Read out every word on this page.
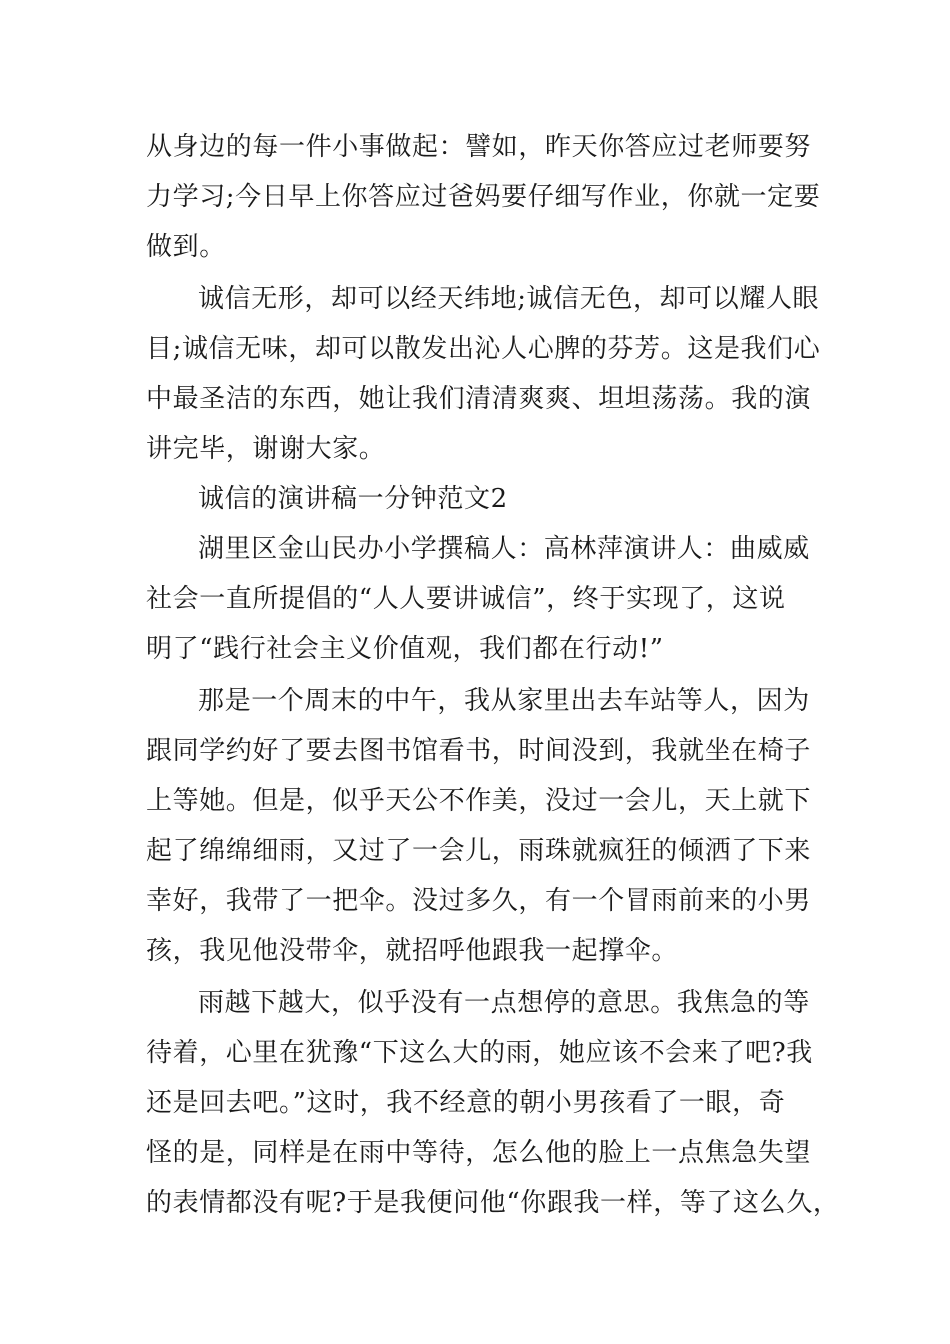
从身边的每一件小事做起：譬如，昨天你答应过老师要努
力学习;今日早上你答应过爸妈要仔细写作业，你就一定要
做到。
诚信无形，却可以经天纬地;诚信无色，却可以耀人眼
目;诚信无味，却可以散发出沁人心脾的芬芳。这是我们心
中最圣洁的东西，她让我们清清爽爽、坦坦荡荡。我的演
讲完毕，谢谢大家。
诚信的演讲稿一分钟范文2
湖里区金山民办小学撰稿人：高林萍演讲人：曲威威
社会一直所提倡的“人人要讲诚信”，终于实现了，这说
明了“践行社会主义价值观，我们都在行动!”
那是一个周末的中午，我从家里出去车站等人，因为
跟同学约好了要去图书馆看书，时间没到，我就坐在椅子
上等她。但是，似乎天公不作美，没过一会儿，天上就下
起了绵绵细雨，又过了一会儿，雨珠就疯狂的倾洒了下来
幸好，我带了一把伞。没过多久，有一个冒雨前来的小男
孩，我见他没带伞，就招呼他跟我一起撑伞。
雨越下越大，似乎没有一点想停的意思。我焦急的等
待着，心里在犹豫“下这么大的雨，她应该不会来了吧?我
还是回去吧。”这时，我不经意的朝小男孩看了一眼，奇
怪的是，同样是在雨中等待，怎么他的脸上一点焦急失望
的表情都没有呢?于是我便问他“你跟我一样，等了这么久，
